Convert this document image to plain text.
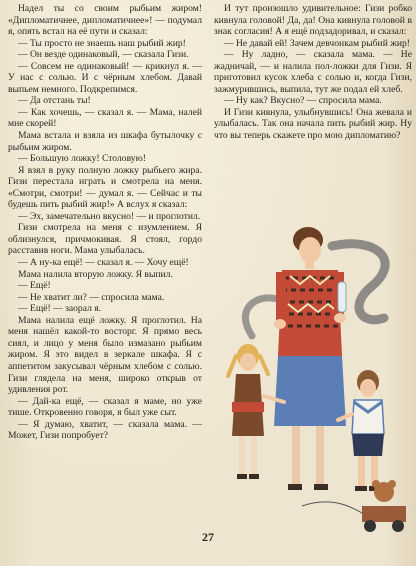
Надел ты со своим рыбьим жиром! «Дипломатичнее, дипломатичнее»! — подумал я, опять встал на её пути и сказал:

— Ты просто не знаешь наш рыбий жир!

— Он везде одинаковый, — сказала Гизи.

— Совсем не одинаковый! — крикнул я. — У нас с солью. И с чёрным хлебом. Давай выпьем немного. Подкрепимся.

— Да отстань ты!

— Как хочешь, — сказал я. — Мама, налей мне скорей!

Мама встала и взяла из шкафа бутылочку с рыбьим жиром.

— Большую ложку! Столовую!

Я взял в руку полную ложку рыбьего жира. Гизи перестала играть и смотрела на меня. «Смотри, смотри! — думал я. — Сейчас и ты будешь пить рыбий жир!» А вслух я сказал:

— Эх, замечательно вкусно! — и проглотил.

Гизи смотрела на меня с изумлением. Я облизнулся, причмокивая. Я стоял, гордо расставив ноги. Мама улыбалась.

— А ну-ка ещё! — сказал я. — Хочу ещё!

Мама налила вторую ложку. Я выпил.

— Ещё!

— Не хватит ли? — спросила мама.

— Ещё! — заорал я.

Мама налила ещё ложку. Я проглотил. На меня нашёл какой-то восторг. Я прямо весь сиял, и лицо у меня было измазано рыбьим жиром. Я это видел в зеркале шкафа. Я с аппетитом закусывал чёрным хлебом с солью. Гизи глядела на меня, широко открыв от удивления рот.

— Дай-ка ещё, — сказал я маме, но уже тише. Откровенно говоря, я был уже сыт.

— Я думаю, хватит, — сказала мама. — Может, Гизи попробует?

И тут произошло удивительное: Гизи робко кивнула головой! Да, да! Она кивнула головой в знак согласия! А я ещё подзадоривал, и сказал:

— Не давай ей! Зачем девчонкам рыбий жир!

— Ну ладно, — сказала мама. — Не жадничай, — и налила пол-ложки для Гизи. Я приготовил кусок хлеба с солью и, когда Гизи, зажмурившись, выпила, тут же подал ей хлеб.

— Ну как? Вкусно? — спросила мама.

И Гизи кивнула, улыбнувшись! Она жевала и улыбалась. Так она начала пить рыбий жир. Ну что вы теперь скажете про мою дипломатию?

27
